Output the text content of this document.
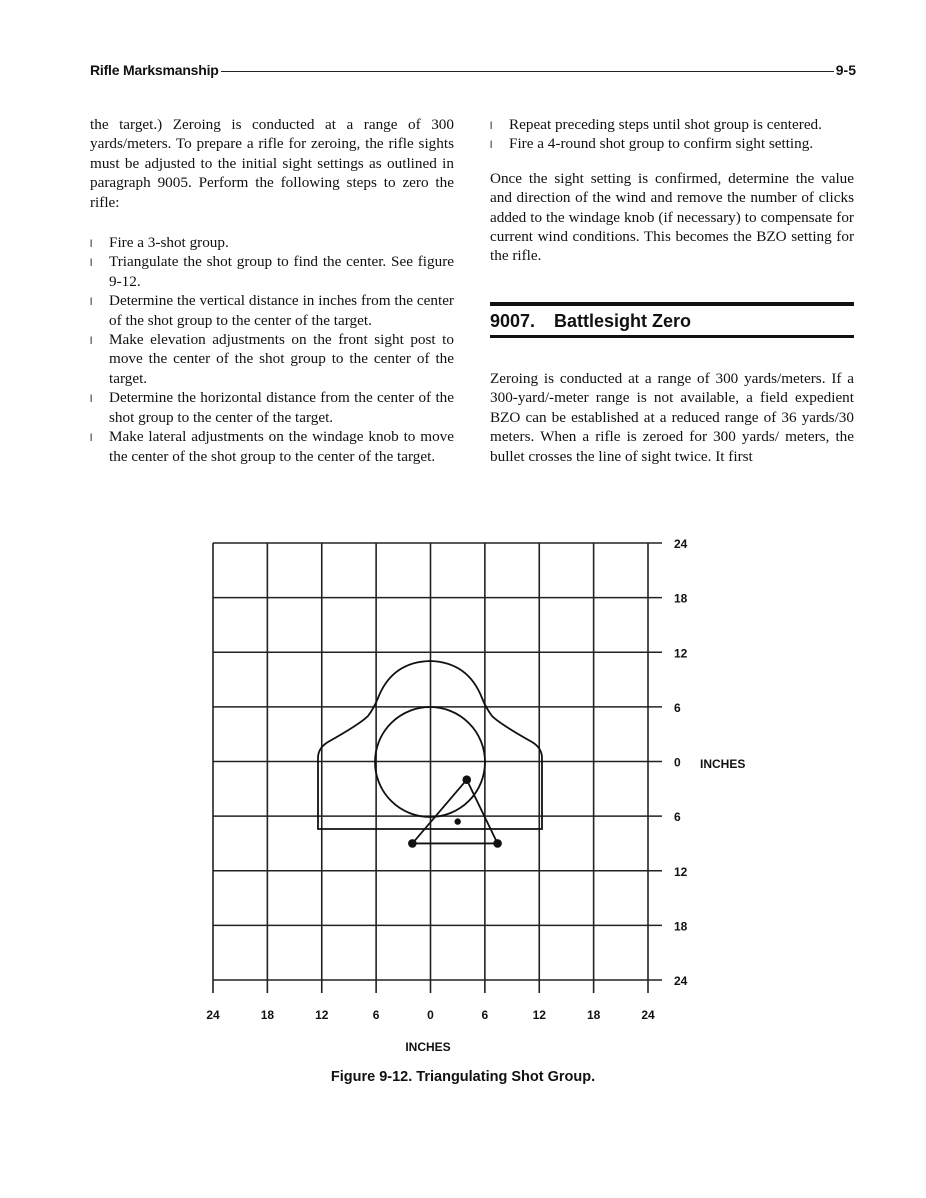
Rifle Marksmanship	9-5

the target.) Zeroing is conducted at a range of 300 yards/meters. To prepare a rifle for zeroing, the rifle sights must be adjusted to the initial sight settings as outlined in paragraph 9005. Perform the following steps to zero the rifle:

l Fire a 3-shot group.
l Triangulate the shot group to find the center. See figure 9-12.
l Determine the vertical distance in inches from the center of the shot group to the center of the target.
l Make elevation adjustments on the front sight post to move the center of the shot group to the center of the target.
l Determine the horizontal distance from the center of the shot group to the center of the target.
l Make lateral adjustments on the windage knob to move the center of the shot group to the center of the target.
l Repeat preceding steps until shot group is centered.
l Fire a 4-round shot group to confirm sight setting.

Once the sight setting is confirmed, determine the value and direction of the wind and remove the number of clicks added to the windage knob (if necessary) to compensate for current wind conditions. This becomes the BZO setting for the rifle.

9007. Battlesight Zero

Zeroing is conducted at a range of 300 yards/meters. If a 300-yard/-meter range is not available, a field expedient BZO can be established at a reduced range of 36 yards/30 meters. When a rifle is zeroed for 300 yards/ meters, the bullet crosses the line of sight twice. It first

24	18	12	6	0	6	12	18	24
24
18
12
6
0
6
12
18
24
INCHES
INCHES
Figure 9-12. Triangulating Shot Group.
